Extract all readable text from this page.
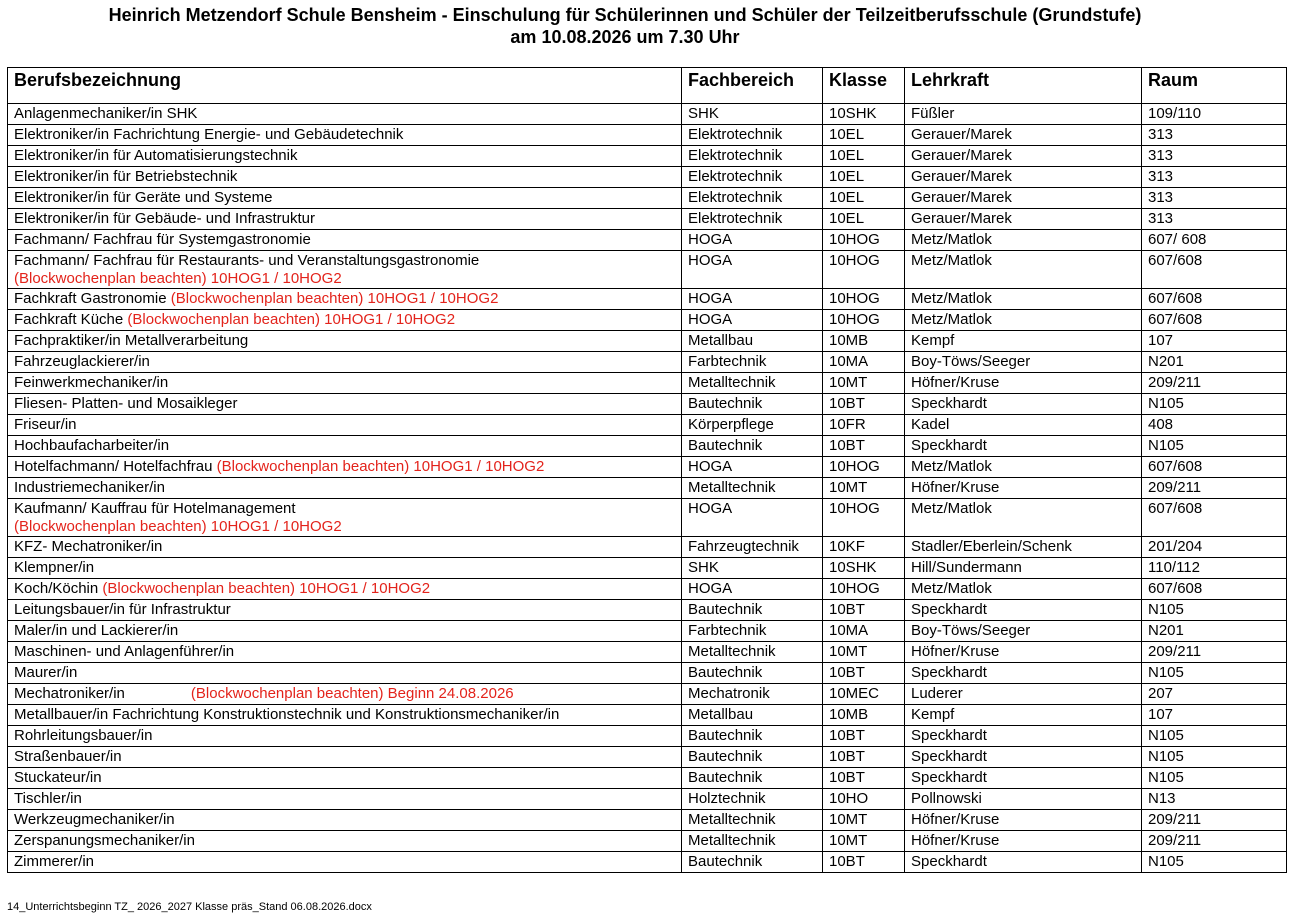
Heinrich Metzendorf Schule Bensheim - Einschulung für Schülerinnen und Schüler der Teilzeitberufsschule (Grundstufe)
am 10.08.2026 um 7.30 Uhr
Berufsbezeichnung	Fachbereich	Klasse	Lehrkraft	Raum
Anlagenmechaniker/in SHK	SHK	10SHK	Füßler	109/110
Elektroniker/in Fachrichtung Energie- und Gebäudetechnik	Elektrotechnik	10EL	Gerauer/Marek	313
Elektroniker/in für Automatisierungstechnik	Elektrotechnik	10EL	Gerauer/Marek	313
Elektroniker/in für Betriebstechnik	Elektrotechnik	10EL	Gerauer/Marek	313
Elektroniker/in für Geräte und Systeme	Elektrotechnik	10EL	Gerauer/Marek	313
Elektroniker/in für Gebäude- und Infrastruktur	Elektrotechnik	10EL	Gerauer/Marek	313
Fachmann/ Fachfrau für Systemgastronomie	HOGA	10HOG	Metz/Matlok	607/ 608
Fachmann/ Fachfrau für Restaurants- und Veranstaltungsgastronomie
(Blockwochenplan beachten) 10HOG1 / 10HOG2	HOGA	10HOG	Metz/Matlok	607/608
Fachkraft Gastronomie (Blockwochenplan beachten) 10HOG1 / 10HOG2	HOGA	10HOG	Metz/Matlok	607/608
Fachkraft Küche (Blockwochenplan beachten) 10HOG1 / 10HOG2	HOGA	10HOG	Metz/Matlok	607/608
Fachpraktiker/in Metallverarbeitung	Metallbau	10MB	Kempf	107
Fahrzeuglackierer/in	Farbtechnik	10MA	Boy-Töws/Seeger	N201
Feinwerkmechaniker/in	Metalltechnik	10MT	Höfner/Kruse	209/211
Fliesen- Platten- und Mosaikleger	Bautechnik	10BT	Speckhardt	N105
Friseur/in	Körperpflege	10FR	Kadel	408
Hochbaufacharbeiter/in	Bautechnik	10BT	Speckhardt	N105
Hotelfachmann/ Hotelfachfrau (Blockwochenplan beachten) 10HOG1 / 10HOG2	HOGA	10HOG	Metz/Matlok	607/608
Industriemechaniker/in	Metalltechnik	10MT	Höfner/Kruse	209/211
Kaufmann/ Kauffrau für Hotelmanagement
(Blockwochenplan beachten) 10HOG1 / 10HOG2	HOGA	10HOG	Metz/Matlok	607/608
KFZ- Mechatroniker/in	Fahrzeugtechnik	10KF	Stadler/Eberlein/Schenk	201/204
Klempner/in	SHK	10SHK	Hill/Sundermann	110/112
Koch/Köchin (Blockwochenplan beachten) 10HOG1 / 10HOG2	HOGA	10HOG	Metz/Matlok	607/608
Leitungsbauer/in für Infrastruktur	Bautechnik	10BT	Speckhardt	N105
Maler/in und Lackierer/in	Farbtechnik	10MA	Boy-Töws/Seeger	N201
Maschinen- und Anlagenführer/in	Metalltechnik	10MT	Höfner/Kruse	209/211
Maurer/in	Bautechnik	10BT	Speckhardt	N105
Mechatroniker/in (Blockwochenplan beachten) Beginn 24.08.2026	Mechatronik	10MEC	Luderer	207
Metallbauer/in Fachrichtung Konstruktionstechnik und Konstruktionsmechaniker/in	Metallbau	10MB	Kempf	107
Rohrleitungsbauer/in	Bautechnik	10BT	Speckhardt	N105
Straßenbauer/in	Bautechnik	10BT	Speckhardt	N105
Stuckateur/in	Bautechnik	10BT	Speckhardt	N105
Tischler/in	Holztechnik	10HO	Pollnowski	N13
Werkzeugmechaniker/in	Metalltechnik	10MT	Höfner/Kruse	209/211
Zerspanungsmechaniker/in	Metalltechnik	10MT	Höfner/Kruse	209/211
Zimmerer/in	Bautechnik	10BT	Speckhardt	N105
14_Unterrichtsbeginn TZ_ 2026_2027 Klasse präs_Stand 06.08.2026.docx
